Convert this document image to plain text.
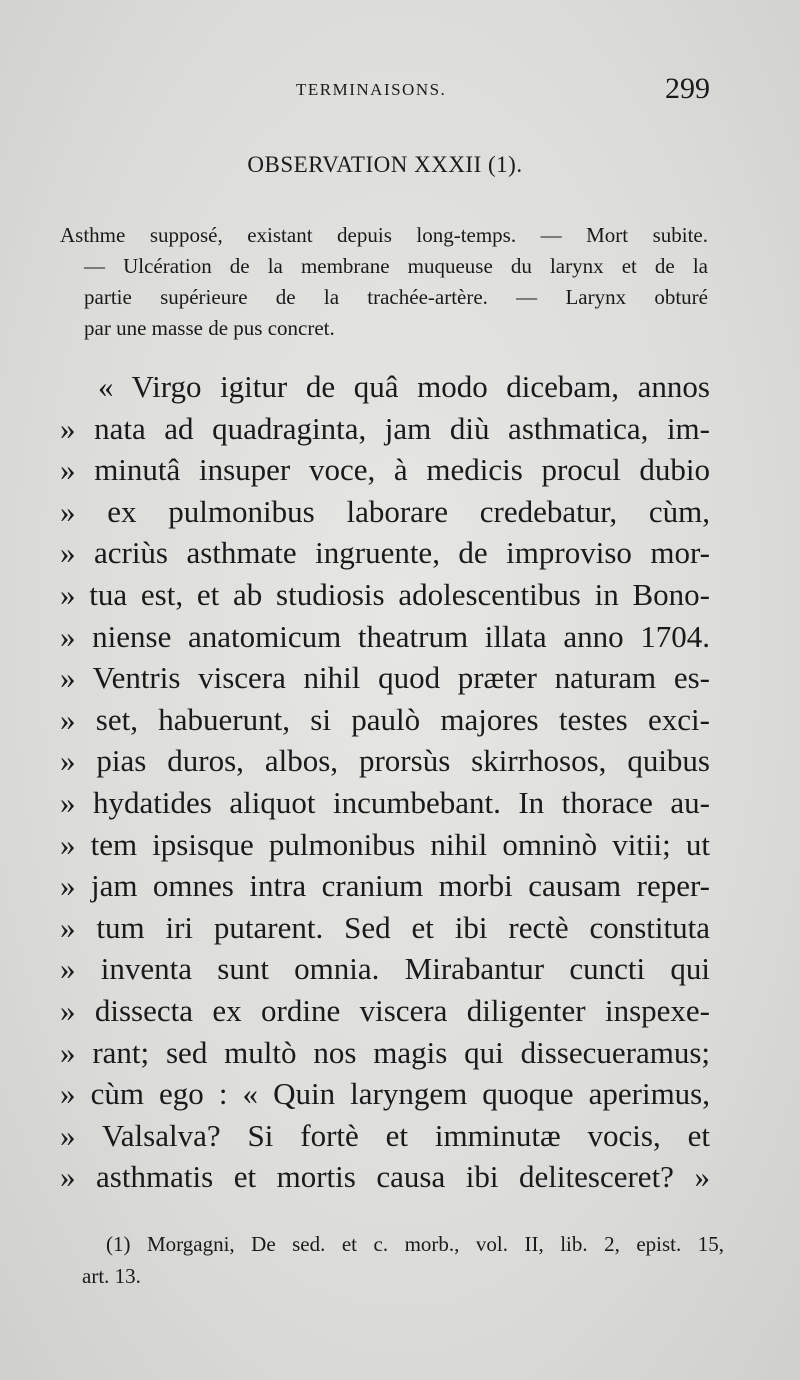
TERMINAISONS.	299
OBSERVATION XXXII (1).
Asthme supposé, existant depuis long-temps. — Mort subite.
— Ulcération de la membrane muqueuse du larynx et de la
partie supérieure de la trachée-artère. — Larynx obturé
par une masse de pus concret.
« Virgo igitur de quâ modo dicebam, annos
» nata ad quadraginta, jam diù asthmatica, im-
» minutâ insuper voce, à medicis procul dubio
» ex pulmonibus laborare credebatur, cùm,
» acriùs asthmate ingruente, de improviso mor-
» tua est, et ab studiosis adolescentibus in Bono-
» niense anatomicum theatrum illata anno 1704.
» Ventris viscera nihil quod præter naturam es-
» set, habuerunt, si paulò majores testes exci-
» pias duros, albos, prorsùs skirrhosos, quibus
» hydatides aliquot incumbebant. In thorace au-
» tem ipsisque pulmonibus nihil omninò vitii; ut
» jam omnes intra cranium morbi causam reper-
» tum iri putarent. Sed et ibi rectè constituta
» inventa sunt omnia. Mirabantur cuncti qui
» dissecta ex ordine viscera diligenter inspexe-
» rant; sed multò nos magis qui dissecueramus;
» cùm ego : « Quin laryngem quoque aperimus,
» Valsalva? Si fortè et imminutæ vocis, et
» asthmatis et mortis causa ibi delitesceret? »
(1) Morgagni, De sed. et c. morb., vol. II, lib. 2, epist. 15,
art. 13.
